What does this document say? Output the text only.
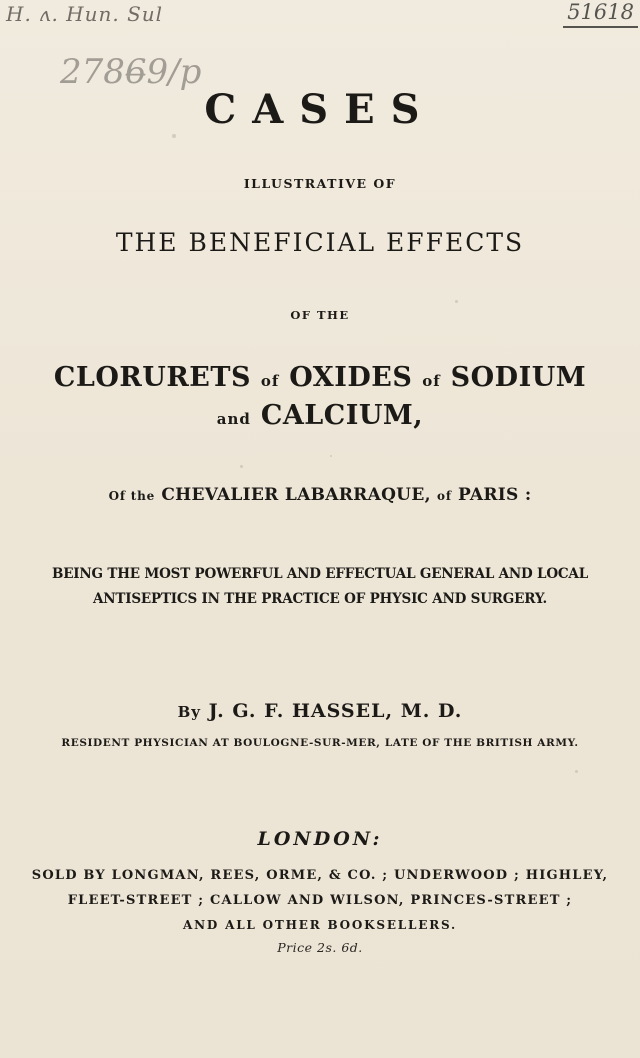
H. ʌ. Hun. Sul
2786̶9/p
51618
CASES
ILLUSTRATIVE OF
THE BENEFICIAL EFFECTS
OF THE
CLORURETS of OXIDES of SODIUM
and CALCIUM,
Of the CHEVALIER LABARRAQUE, of PARIS :
BEING THE MOST POWERFUL AND EFFECTUAL GENERAL AND LOCAL
ANTISEPTICS IN THE PRACTICE OF PHYSIC AND SURGERY.
By J. G. F. HASSEL, M. D.
RESIDENT PHYSICIAN AT BOULOGNE-SUR-MER, LATE OF THE BRITISH ARMY.
LONDON:
SOLD BY LONGMAN, REES, ORME, & CO. ; UNDERWOOD ; HIGHLEY,
FLEET-STREET ; CALLOW AND WILSON, PRINCES-STREET ;
AND ALL OTHER BOOKSELLERS.
Price 2s. 6d.
